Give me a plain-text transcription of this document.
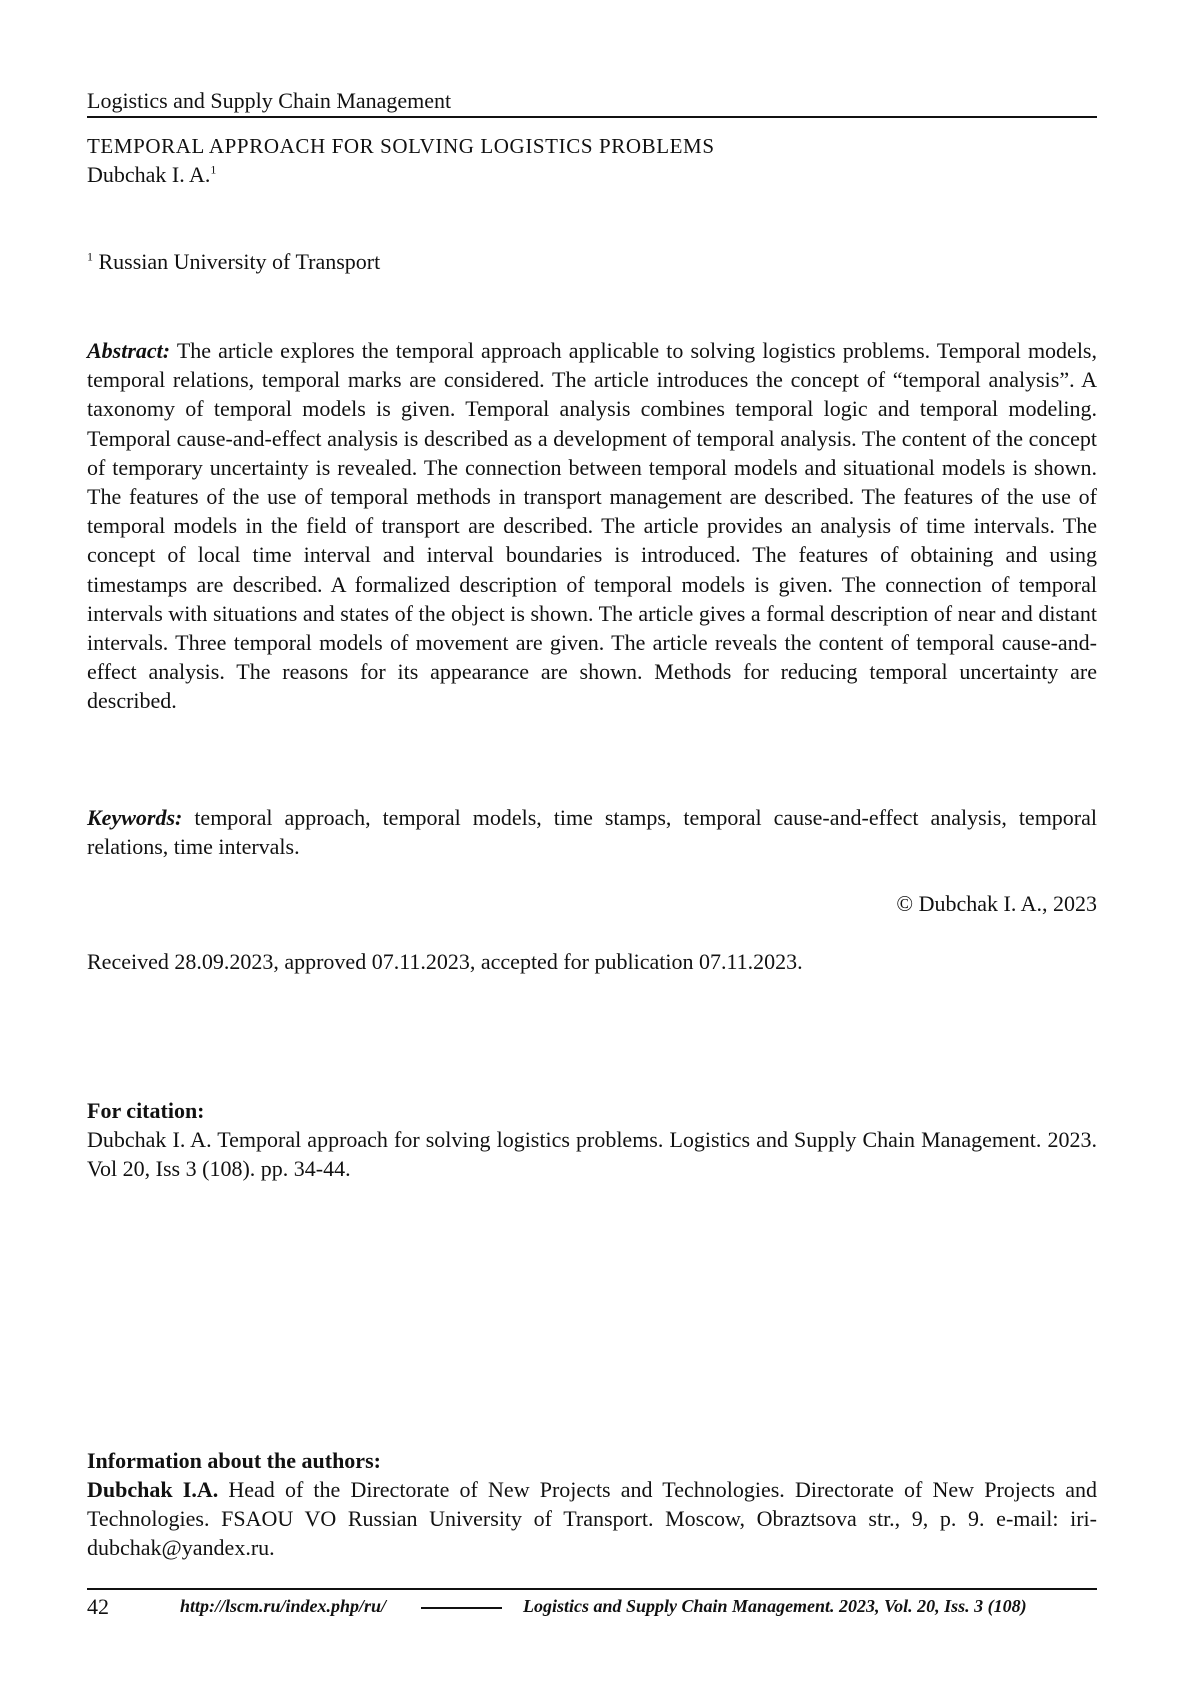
Logistics and Supply Chain Management
TEMPORAL APPROACH FOR SOLVING LOGISTICS PROBLEMS
Dubchak I. A.$^1$
$^1$ Russian University of Transport
Abstract: The article explores the temporal approach applicable to solving logistics problems. Temporal models, temporal relations, temporal marks are considered. The article introduces the concept of “temporal analysis”. A taxonomy of temporal models is given. Temporal analysis combines temporal logic and temporal modeling. Temporal cause-and-effect analysis is described as a development of temporal analysis. The content of the concept of temporary uncertainty is revealed. The connection between temporal models and situational models is shown. The features of the use of temporal methods in transport management are described. The features of the use of temporal models in the field of transport are described. The article provides an analysis of time intervals. The concept of local time interval and interval boundaries is introduced. The features of obtaining and using timestamps are described. A formalized description of temporal models is given. The connection of temporal intervals with situations and states of the object is shown. The article gives a formal description of near and distant intervals. Three temporal models of movement are given. The article reveals the content of temporal cause-and-effect analysis. The reasons for its appearance are shown. Methods for reducing temporal uncertainty are described.
Keywords: temporal approach, temporal models, time stamps, temporal cause-and-effect analysis, temporal relations, time intervals.
© Dubchak I. A., 2023
Received 28.09.2023, approved 07.11.2023, accepted for publication 07.11.2023.
For citation:
Dubchak I. A. Temporal approach for solving logistics problems. Logistics and Supply Chain Management. 2023. Vol 20, Iss 3 (108). pp. 34-44.
Information about the authors:
Dubchak I.A. Head of the Directorate of New Projects and Technologies. Directorate of New Projects and Technologies. FSAOU VO Russian University of Transport. Moscow, Obraztsova str., 9, p. 9. e-mail: iri-dubchak@yandex.ru.
42	http://lscm.ru/index.php/ru/	Logistics and Supply Chain Management. 2023, Vol. 20, Iss. 3 (108)
